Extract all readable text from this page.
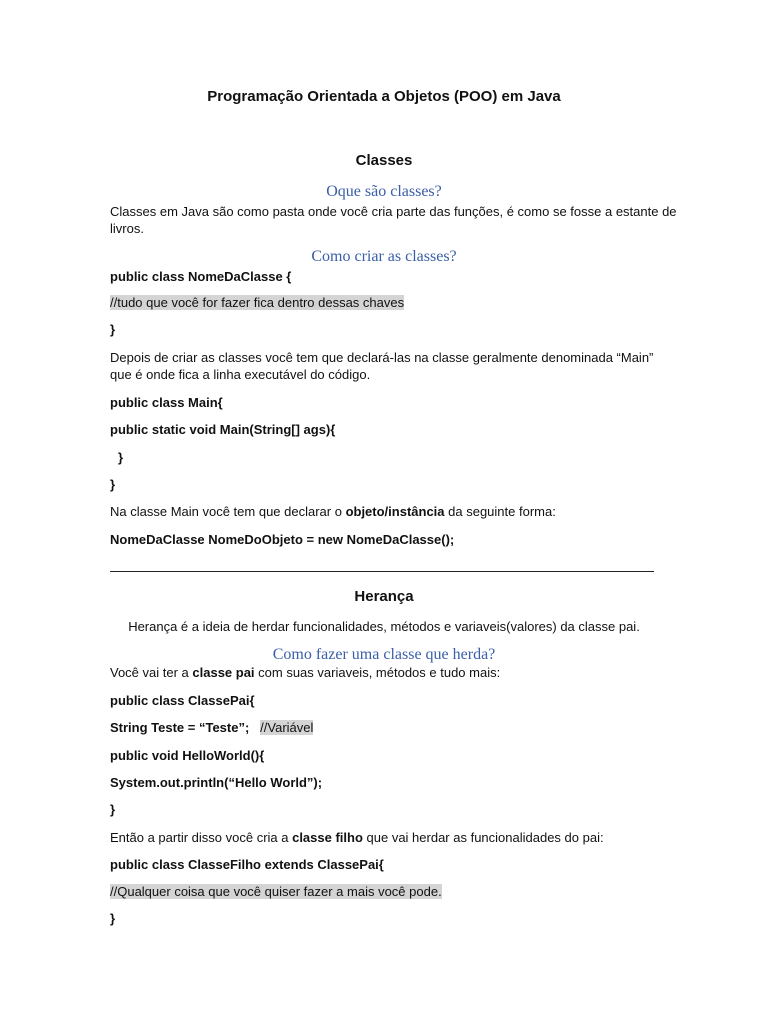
Programação Orientada a Objetos (POO) em Java
Classes
Oque são classes?
Classes em Java são como pasta onde você cria parte das funções, é como se fosse a estante de
livros.
Como criar as classes?
public class NomeDaClasse {
//tudo que você for fazer fica dentro dessas chaves
}
Depois de criar as classes você tem que declará-las na classe geralmente denominada “Main”
que é onde fica a linha executável do código.
public class Main{
public static void Main(String[] ags){
}
}
Na classe Main você tem que declarar o objeto/instância da seguinte forma:
NomeDaClasse NomeDoObjeto = new NomeDaClasse();
Herança
Herança é a ideia de herdar funcionalidades, métodos e variaveis(valores) da classe pai.
Como fazer uma classe que herda?
Você vai ter a classe pai com suas variaveis, métodos e tudo mais:
public class ClassePai{
String Teste = “Teste”; //Variável
public void HelloWorld(){
System.out.println(“Hello World”);
}
Então a partir disso você cria a classe filho que vai herdar as funcionalidades do pai:
public class ClasseFilho extends ClassePai{
//Qualquer coisa que você quiser fazer a mais você pode.
}
